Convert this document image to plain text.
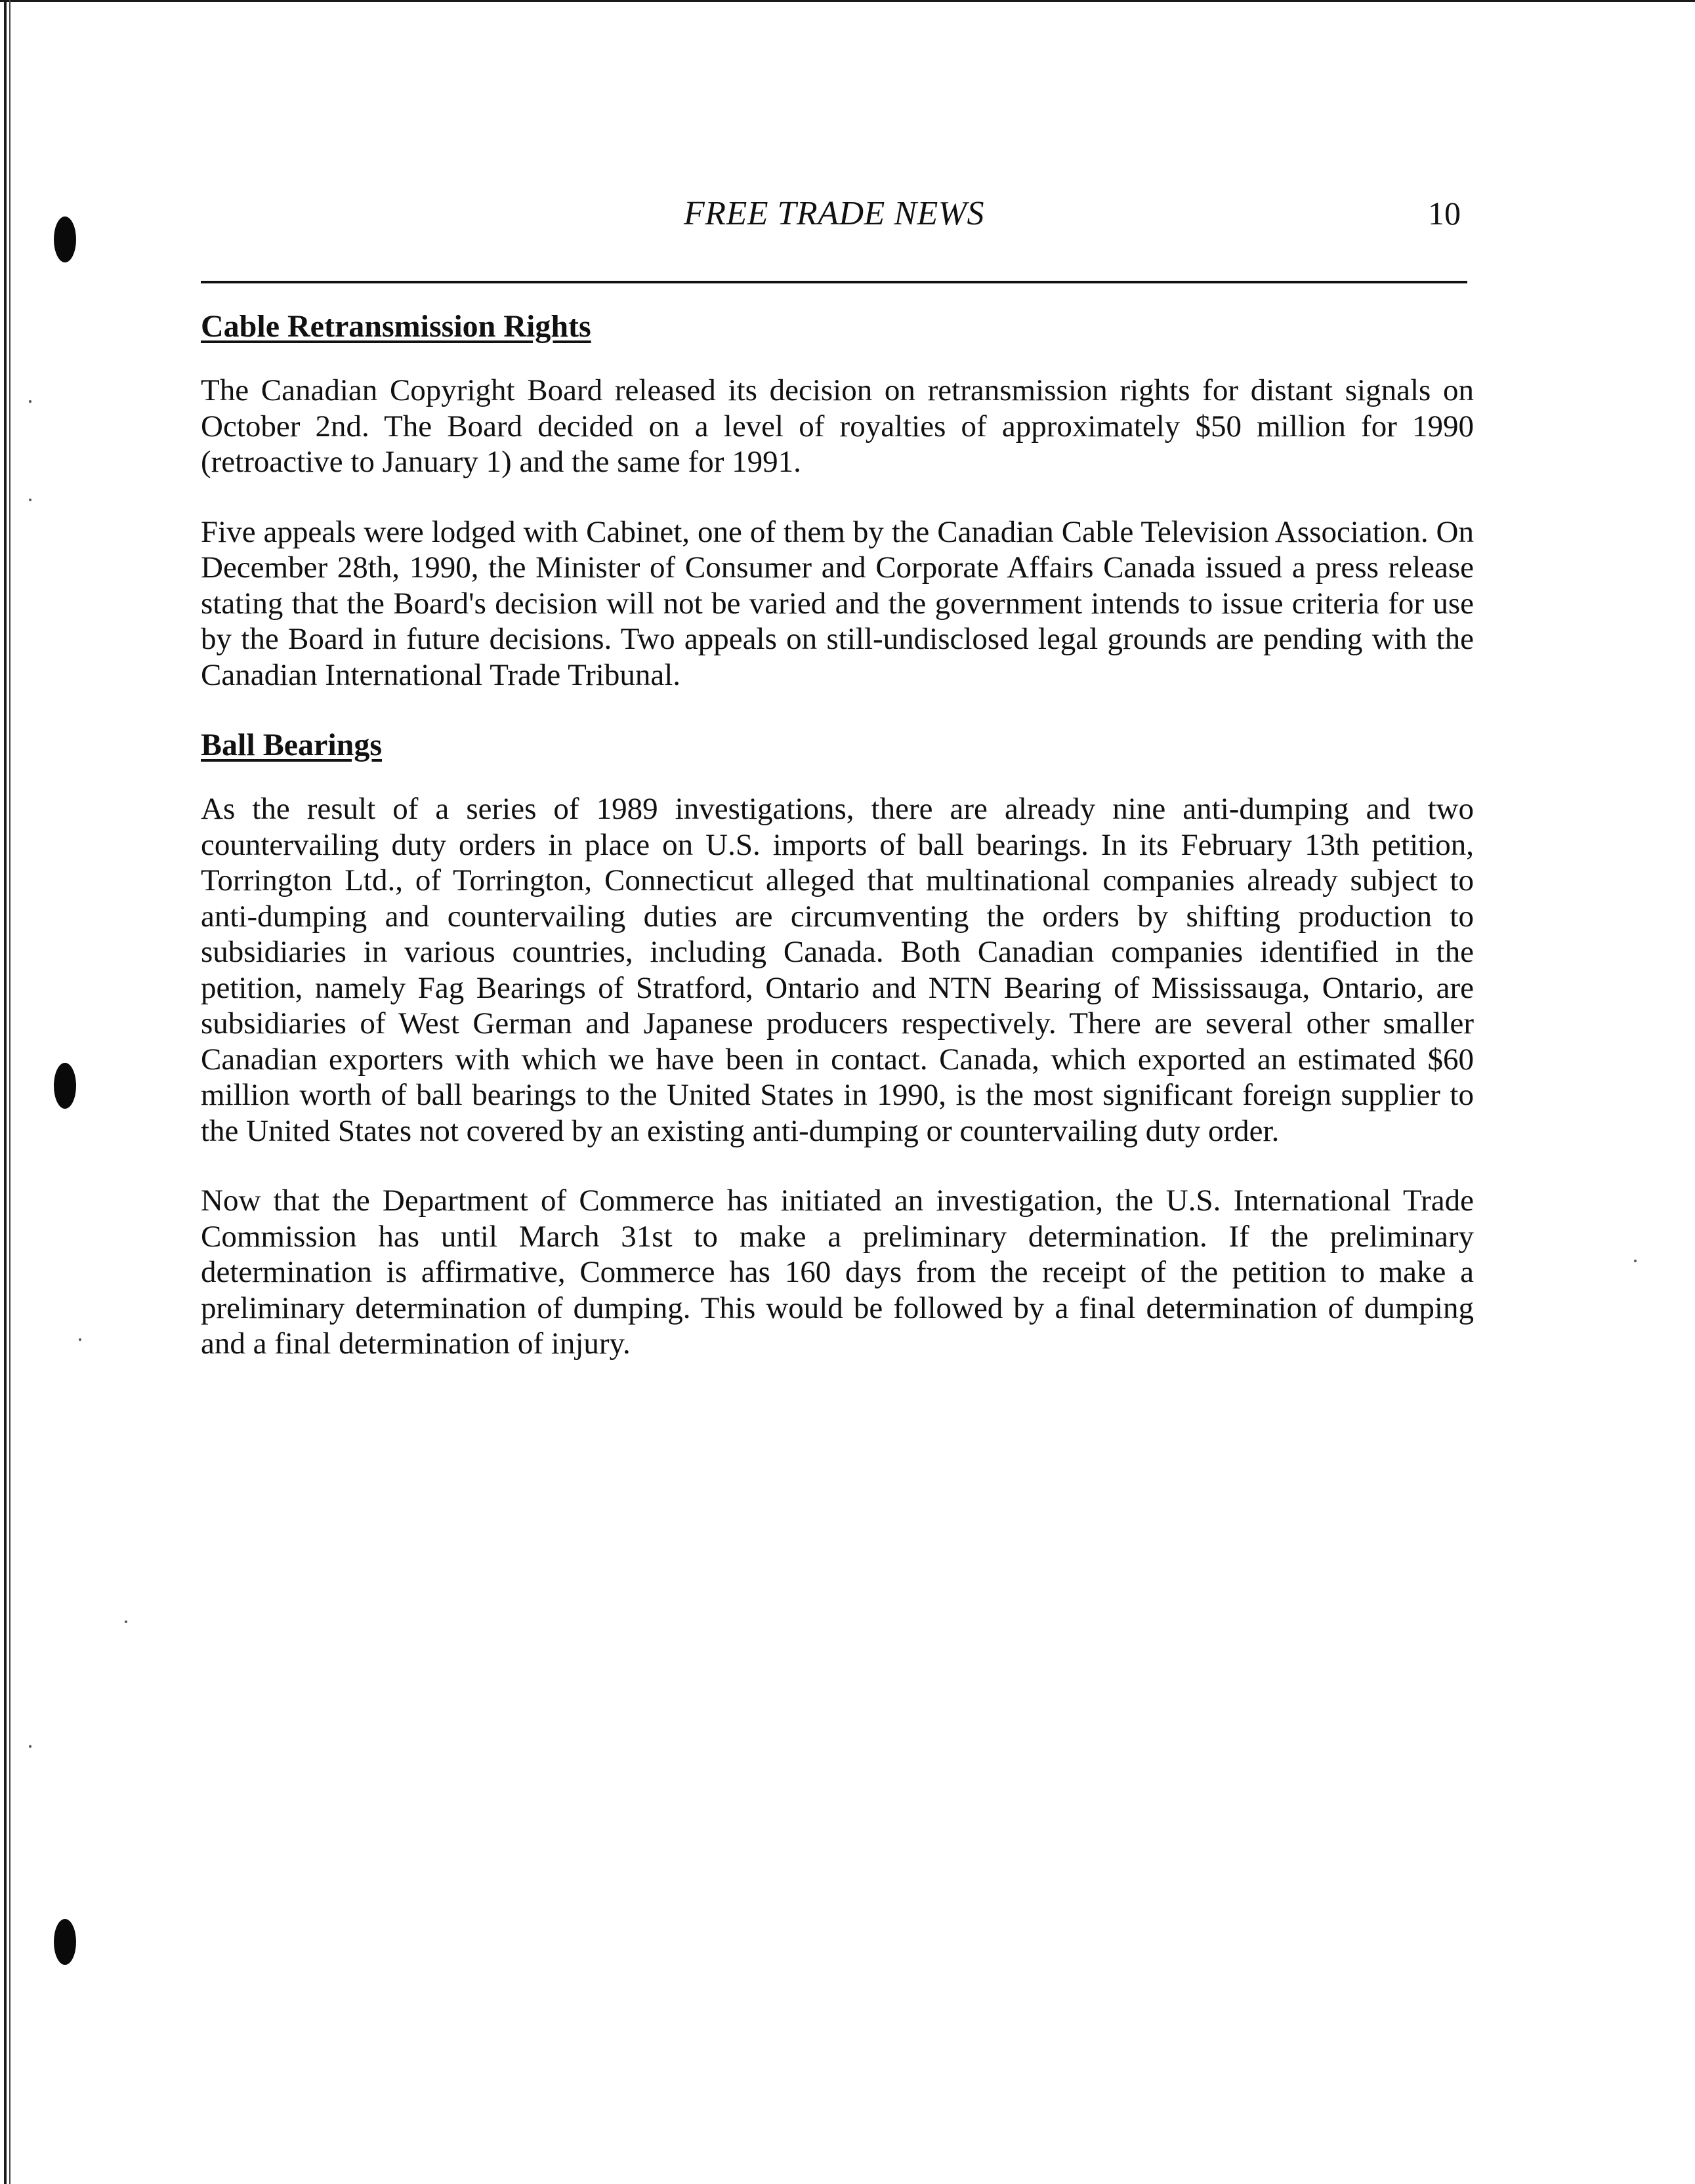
FREE TRADE NEWS	10
Cable Retransmission Rights

The Canadian Copyright Board released its decision on retransmission rights for distant signals on October 2nd. The Board decided on a level of royalties of approximately $50 million for 1990 (retroactive to January 1) and the same for 1991.

Five appeals were lodged with Cabinet, one of them by the Canadian Cable Television Association. On December 28th, 1990, the Minister of Consumer and Corporate Affairs Canada issued a press release stating that the Board's decision will not be varied and the government intends to issue criteria for use by the Board in future decisions. Two appeals on still-undisclosed legal grounds are pending with the Canadian International Trade Tribunal.

Ball Bearings

As the result of a series of 1989 investigations, there are already nine anti-dumping and two countervailing duty orders in place on U.S. imports of ball bearings. In its February 13th petition, Torrington Ltd., of Torrington, Connecticut alleged that multinational companies already subject to anti-dumping and countervailing duties are circumventing the orders by shifting production to subsidiaries in various countries, including Canada. Both Canadian companies identified in the petition, namely Fag Bearings of Stratford, Ontario and NTN Bearing of Mississauga, Ontario, are subsidiaries of West German and Japanese producers respectively. There are several other smaller Canadian exporters with which we have been in contact. Canada, which exported an estimated $60 million worth of ball bearings to the United States in 1990, is the most significant foreign supplier to the United States not covered by an existing anti-dumping or countervailing duty order.

Now that the Department of Commerce has initiated an investigation, the U.S. International Trade Commission has until March 31st to make a preliminary determination. If the preliminary determination is affirmative, Commerce has 160 days from the receipt of the petition to make a preliminary determination of dumping. This would be followed by a final determination of dumping and a final determination of injury.
